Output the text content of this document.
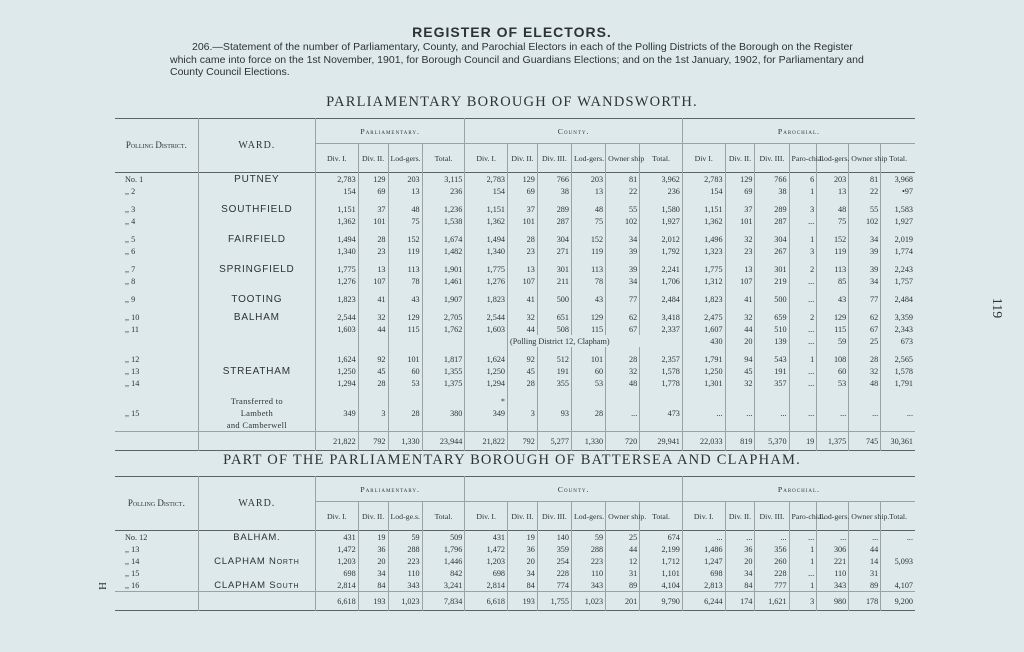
REGISTER OF ELECTORS.
206.—Statement of the number of Parliamentary, County, and Parochial Electors in each of the Polling Districts of the Borough on the Register which came into force on the 1st November, 1901, for Borough Council and Guardians Elections; and on the 1st January, 1902, for Parliamentary and County Council Elections.
PARLIAMENTARY BOROUGH OF WANDSWORTH.
Polling District.	WARD.	Parliamentary.				County.						Parochial.						
		Div. I.	Div. II.	Lod-gers.	Total.	Div. I.	Div. II.	Div. III.	Lod-gers.	Owner ship	Total.	Div I.	Div. II.	Div. III.	Paro-chial	Lod-gers.	Owner ship	Total.
No. 1	PUTNEY	2,783	129	203	3,115	2,783	129	766	203	81	3,962	2,783	129	766	6	203	81	3,968
,, 2		154	69	13	236	154	69	38	13	22	236	154	69	38	1	13	22	•97

,, 3	SOUTHFIELD	1,151	37	48	1,236	1,151	37	289	48	55	1,580	1,151	37	289	3	48	55	1,583
,, 4		1,362	101	75	1,538	1,362	101	287	75	102	1,927	1,362	101	287	...	75	102	1,927

,, 5	FAIRFIELD	1,494	28	152	1,674	1,494	28	304	152	34	2,012	1,496	32	304	1	152	34	2,019
,, 6		1,340	23	119	1,482	1,340	23	271	119	39	1,792	1,323	23	267	3	119	39	1,774

,, 7	SPRINGFIELD	1,775	13	113	1,901	1,775	13	301	113	39	2,241	1,775	13	301	2	113	39	2,243
,, 8		1,276	107	78	1,461	1,276	107	211	78	34	1,706	1,312	107	219	...	85	34	1,757

,, 9	TOOTING	1,823	41	43	1,907	1,823	41	500	43	77	2,484	1,823	41	500	...	43	77	2,484

,, 10	BALHAM	2,544	32	129	2,705	2,544	32	651	129	62	3,418	2,475	32	659	2	129	62	3,359
,, 11		1,603	44	115	1,762	1,603	44	508	115	67	2,337	1,607	44	510	...	115	67	2,343
							(Polling District 12, Clapham)					430	20	139	...	59	25	673

,, 12		1,624	92	101	1,817	1,624	92	512	101	28	2,357	1,791	94	543	1	108	28	2,565
,, 13	STREATHAM	1,250	45	60	1,355	1,250	45	191	60	32	1,578	1,250	45	191	...	60	32	1,578
,, 14		1,294	28	53	1,375	1,294	28	355	53	48	1,778	1,301	32	357	...	53	48	1,791

	Transferred to					*												
,, 15	Lambeth	349	3	28	380	349	3	93	28	...	473	...	...	...	...	...	...	...
	and Camberwell																	
		21,822	792	1,330	23,944	21,822	792	5,277	1,330	720	29,941	22,033	819	5,370	19	1,375	745	30,361
PART OF THE PARLIAMENTARY BOROUGH OF BATTERSEA AND CLAPHAM.
Polling Distict.	WARD.	Parliamentary.				County.						Parochial.						
		Div. I.	Div. II.	Lod-ge.s.	Total.	Div. I.	Div. II.	Div. III.	Lod-gers.	Owner ship.	Total.	Div. I.	Div. II.	Div. III.	Paro-chial.	Lod-gers.	Owner ship.	Total.
No. 12	BALHAM.	431	19	59	509	431	19	140	59	25	674	...	...	...	...	...	...	...
,, 13		1,472	36	288	1,796	1,472	36	359	288	44	2,199	1,486	36	356	1	306	44	
,, 14	CLAPHAM North	1,203	20	223	1,446	1,203	20	254	223	12	1,712	1,247	20	260	1	221	14	5,093
,, 15		698	34	110	842	698	34	228	110	31	1,101	698	34	228	...	110	31	
,, 16	CLAPHAM South	2,814	84	343	3,241	2,814	84	774	343	89	4,104	2,813	84	777	1	343	89	4,107
		6,618	193	1,023	7,834	6,618	193	1,755	1,023	201	9,790	6,244	174	1,621	3	980	178	9,200
119
H
